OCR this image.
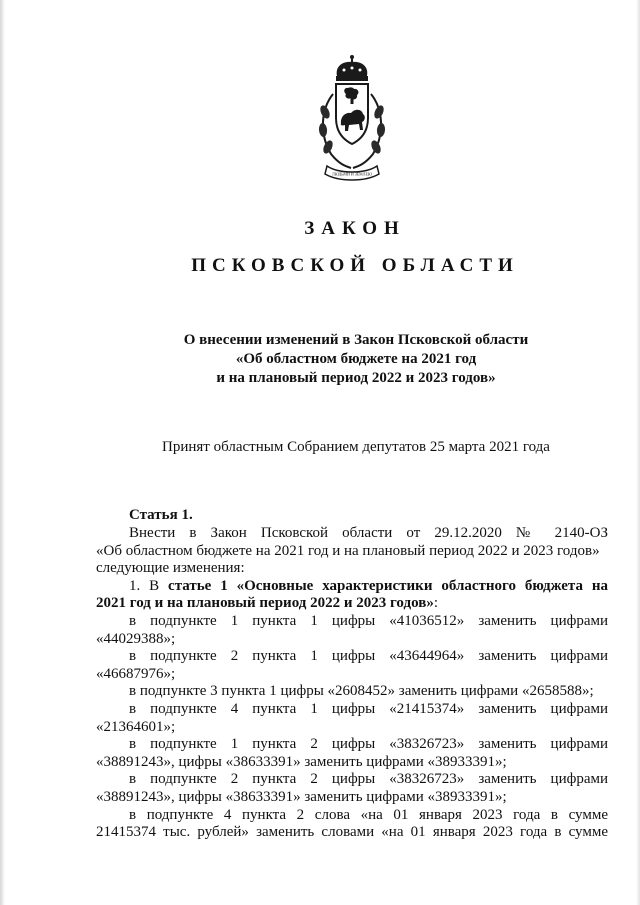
ЛЮДЬМИ И ЗЕМЛЕЮ
ЗАКОН
ПСКОВСКОЙ ОБЛАСТИ
О внесении изменений в Закон Псковской области
«Об областном бюджете на 2021 год
и на плановый период 2022 и 2023 годов»
Принят областным Собранием депутатов 25 марта 2021 года
Статья 1.

Внести в Закон Псковской области от 29.12.2020 № 2140-ОЗ

«Об областном бюджете на 2021 год и на плановый период 2022 и 2023 годов»

следующие изменения:

1. В статье 1 «Основные характеристики областного бюджета на

2021 год и на плановый период 2022 и 2023 годов»:

в подпункте 1 пункта 1 цифры «41036512» заменить цифрами

«44029388»;

в подпункте 2 пункта 1 цифры «43644964» заменить цифрами

«46687976»;

в подпункте 3 пункта 1 цифры «2608452» заменить цифрами «2658588»;

в подпункте 4 пункта 1 цифры «21415374» заменить цифрами

«21364601»;

в подпункте 1 пункта 2 цифры «38326723» заменить цифрами

«38891243», цифры «38633391» заменить цифрами «38933391»;

в подпункте 2 пункта 2 цифры «38326723» заменить цифрами

«38891243», цифры «38633391» заменить цифрами «38933391»;

в подпункте 4 пункта 2 слова «на 01 января 2023 года в сумме

21415374 тыс. рублей» заменить словами «на 01 января 2023 года в сумме
